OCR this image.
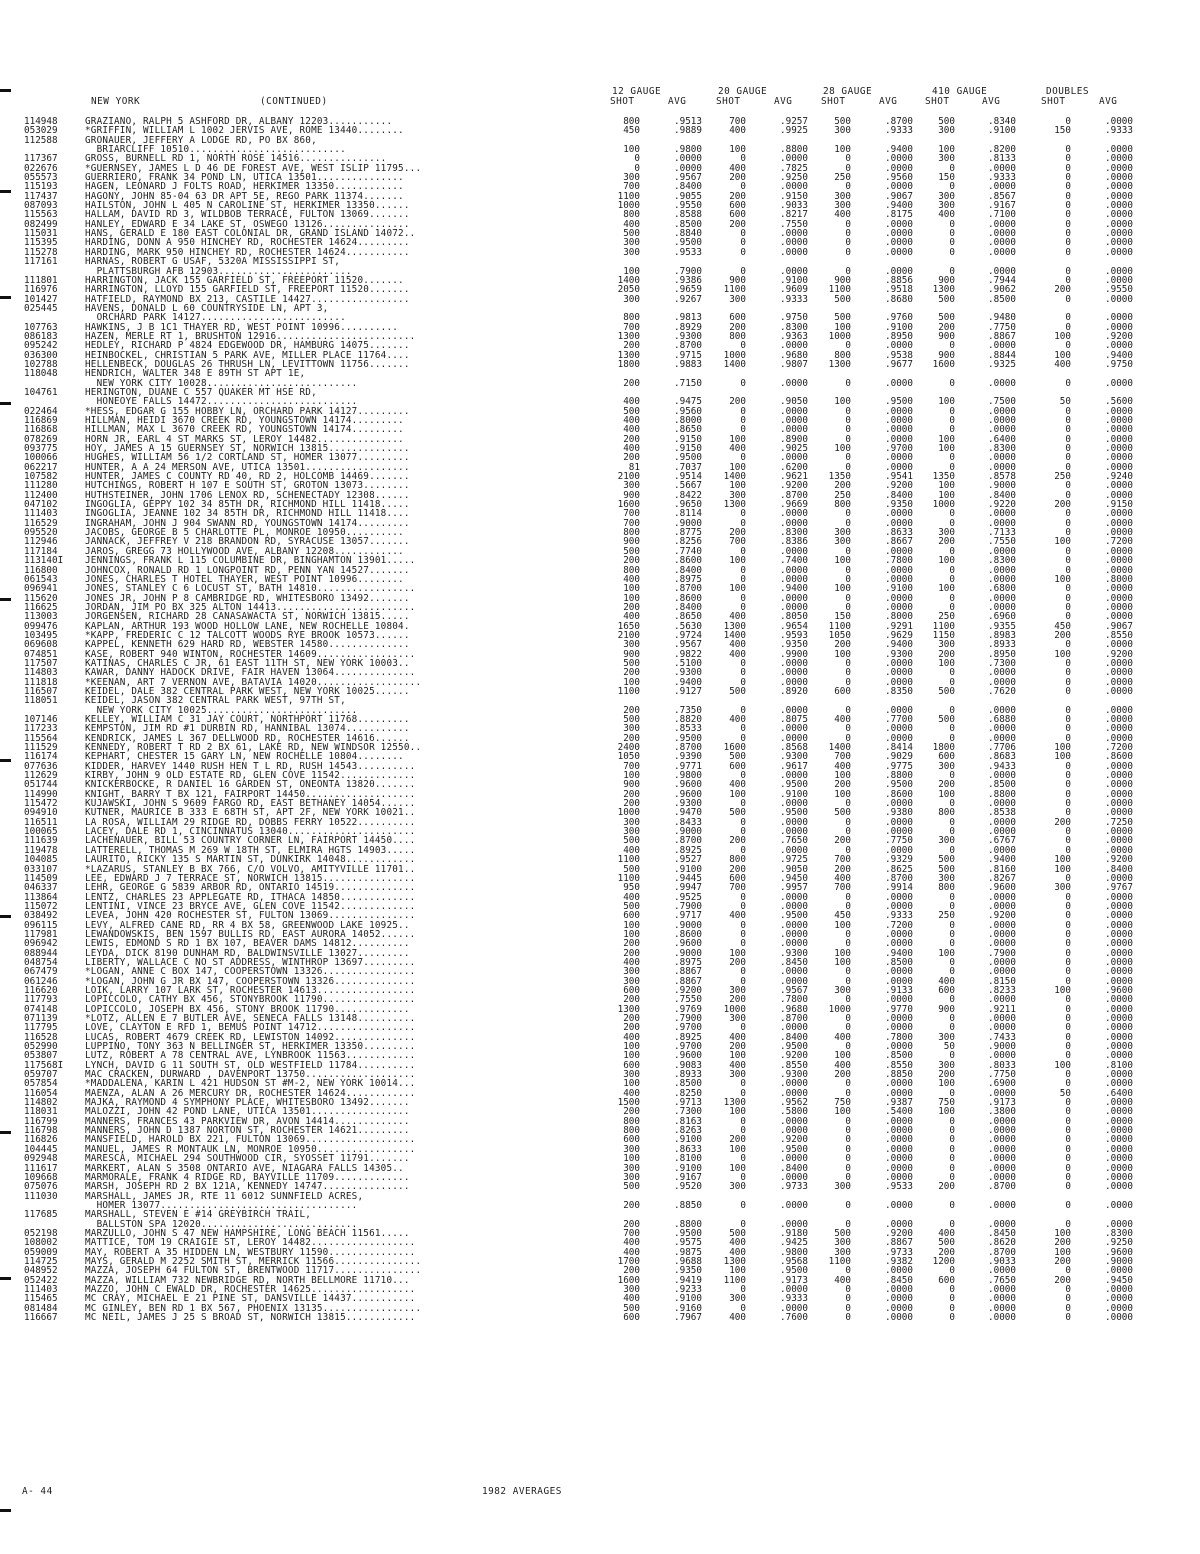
NEW YORK	(CONTINUED)
12 GAUGE	20 GAUGE	28 GAUGE	410 GAUGE	DOUBLES
SHOT	AVG	SHOT	AVG	SHOT	AVG	SHOT	AVG	SHOT	AVG
114948	GRAZIANO, RALPH 5 ASHFORD DR, ALBANY 12203...........	800	.9513	700	.9257	500	.8700	500	.8340	0	.0000
053029	*GRIFFIN, WILLIAM L 1002 JERVIS AVE, ROME 13440........	450	.9889	400	.9925	300	.9333	300	.9100	150	.9333
112588	GRONAUER, JEFFERY A LODGE RD, PO BX 860,
BRIARCLIFF 10510...........................	100	.9800	100	.8800	100	.9400	100	.8200	0	.0000
117367	GROSS, BURNELL RD 1, NORTH ROSE 14516...............	0	.0000	0	.0000	0	.0000	300	.8133	0	.0000
022676	*GUERNSEY, JAMES L D 46 DE FOREST AVE, WEST ISLIP 11795...	0	.0000	400	.7825	0	.0000	0	.0000	0	.0000
055573	GUERRIERO, FRANK 34 POND LN, UTICA 13501...............	300	.9567	200	.9250	250	.9560	150	.9333	0	.0000
115193	HAGEN, LEONARD J FOLTS ROAD, HERKIMER 13350............	700	.8400	0	.0000	0	.0000	0	.0000	0	.0000
117437	HAGONY, JOHN 85-04 63 DR APT 5E, REGO PARK 11374.......	1100	.9055	200	.9150	300	.9067	300	.8567	0	.0000
087093	HAILSTON, JOHN L 405 N CAROLINE ST, HERKIMER 13350......	1000	.9550	600	.9033	300	.9400	300	.9167	0	.0000
115563	HALLAM, DAVID RD 3, WILDBOB TERRACE, FULTON 13069.......	800	.8588	600	.8217	400	.8175	400	.7100	0	.0000
082499	HANLEY, EDWARD E 34 LAKE ST, OSWEGO 13126...............	400	.8500	200	.7550	0	.0000	0	.0000	0	.0000
115031	HANS, GERALD E 180 EAST COLONIAL DR, GRAND ISLAND 14072..	500	.8840	0	.0000	0	.0000	0	.0000	0	.0000
115395	HARDING, DONN A 950 HINCHEY RD, ROCHESTER 14624.........	300	.9500	0	.0000	0	.0000	0	.0000	0	.0000
115278	HARDING, MARK 950 HINCHEY RD, ROCHESTER 14624...........	300	.9533	0	.0000	0	.0000	0	.0000	0	.0000
117161	HARNAS, ROBERT G USAF, 5320A MISSISSIPPI ST,
PLATTSBURGH AFB 12903.......................	100	.7900	0	.0000	0	.0000	0	.0000	0	.0000
111801	HARRINGTON, JACK 155 GARFIELD ST, FREEPORT 11520.......	1400	.9386	900	.9100	900	.8856	900	.7944	0	.0000
116976	HARRINGTON, LLOYD 155 GARFIELD ST, FREEPORT 11520.......	2050	.9659	1100	.9609	1100	.9518	1300	.9062	200	.9550
101427	HATFIELD, RAYMOND BX 213, CASTILE 14427.................	300	.9267	300	.9333	500	.8680	500	.8500	0	.0000
025445	HAVENS, DONALD L 60 COUNTRYSIDE LN, APT 3,
ORCHARD PARK 14127.........................	800	.9813	600	.9750	500	.9760	500	.9480	0	.0000
107763	HAWKINS, J B 1C1 THAYER RD, WEST POINT 10996..........	700	.8929	200	.8300	100	.9100	200	.7750	0	.0000
086183	HAZEN, MERLE RT 1, BRUSHTON 12916........................	1300	.9300	800	.9363	1000	.8950	900	.8867	100	.9200
095242	HEDLEY, RICHARD P 4824 EDGEWOOD DR, HAMBURG 14075.......	200	.8700	0	.0000	0	.0000	0	.0000	0	.0000
036300	HEINBOCKEL, CHRISTIAN 5 PARK AVE, MILLER PLACE 11764....	1300	.9715	1000	.9680	800	.9538	900	.8844	100	.9400
102788	HELLENBECK, DOUGLAS 26 THRUSH LN, LEVITTOWN 11756.......	1800	.9883	1400	.9807	1300	.9677	1600	.9325	400	.9750
118048	HENDRICH, WALTER 348 E 89TH ST APT 1E,
NEW YORK CITY 10028..........................	200	.7150	0	.0000	0	.0000	0	.0000	0	.0000
104761	HERINGTON, DUANE C 557 QUAKER MT HSE RD,
HONEOYE FALLS 14472..........................	400	.9475	200	.9050	100	.9500	100	.7500	50	.5600
022464	*HESS, EDGAR G 155 HOBBY LN, ORCHARD PARK 14127.........	500	.9560	0	.0000	0	.0000	0	.0000	0	.0000
116869	HILLMAN, HEIDI 3670 CREEK RD, YOUNGSTOWN 14174.........	400	.8000	0	.0000	0	.0000	0	.0000	0	.0000
116868	HILLMAN, MAX L 3670 CREEK RD, YOUNGSTOWN 14174.........	400	.8650	0	.0000	0	.0000	0	.0000	0	.0000
078269	HORN JR, EARL 4 ST MARKS ST, LEROY 14482...............	200	.9150	100	.8900	0	.0000	100	.6400	0	.0000
093775	HOY, JAMES A 15 GUERNSEY ST, NORWICH 13815..............	400	.9150	400	.9025	100	.9700	100	.8300	0	.0000
100066	HUGHES, WILLIAM 56 1/2 CORTLAND ST, HOMER 13077.........	200	.9500	0	.0000	0	.0000	0	.0000	0	.0000
062217	HUNTER, A A 24 MERSON AVE, UTICA 13501..................	81	.7037	100	.6200	0	.0000	0	.0000	0	.0000
107582	HUNTER, JAMES C COUNTY RD 40, RD 2, HOLCOMB 14469.......	2100	.9514	1400	.9621	1350	.9541	1350	.8578	250	.9240
111280	HUTCHINGS, ROBERT H 107 E SOUTH ST, GROTON 13073........	300	.5667	100	.9200	200	.9200	100	.9000	0	.0000
112400	HUTHSTEINER, JOHN 1706 LENOX RD, SCHENECTADY 12308......	900	.8422	300	.8700	250	.8400	100	.8400	0	.0000
047102	INGOGLIA, GEPPY 102 34 85TH DR, RICHMOND HILL 11418.....	1600	.9650	1300	.9669	800	.9350	1000	.9220	200	.9150
111403	INGOGLIA, JEANNE 102 34 85TH DR, RICHMOND HILL 11418....	700	.8114	0	.0000	0	.0000	0	.0000	0	.0000
116529	INGRAHAM, JOHN J 904 SWANN RD, YOUNGSTOWN 14174.........	700	.9000	0	.0000	0	.0000	0	.0000	0	.0000
095520	JACOBS, GEORGE B 5 CHARLOTTE PL, MONROE 10950..........	800	.8775	200	.8300	300	.8633	300	.7133	0	.0000
112946	JANNACK, JEFFREY V 218 BRANDON RD, SYRACUSE 13057.......	900	.8256	700	.8386	300	.8667	200	.7550	100	.7200
117184	JAROS, GREGG 73 HOLLYWOOD AVE, ALBANY 12208............	500	.7740	0	.0000	0	.0000	0	.0000	0	.0000
113140I	JENNINGS, FRANK L 115 COLUMBINE DR, BINGHAMTON 13901.....	200	.8600	100	.7400	100	.7800	100	.8300	0	.0000
116800	JOHNCOX, RONALD RD 1 LONGPOINT RD, PENN YAN 14527.......	800	.8400	0	.0000	0	.0000	0	.0000	0	.0000
061543	JONES, CHARLES T HOTEL THAYER, WEST POINT 10996........	400	.8975	0	.0000	0	.0000	0	.0000	100	.8000
096941	JONES, STANLEY C 6 LOCUST ST, BATH 14810.................	100	.8700	100	.9400	100	.9100	100	.6800	0	.0000
115620	JONES JR, JOHN P 8 CAMBRIDGE RD, WHITESBORO 13492.......	100	.8600	0	.0000	0	.0000	0	.0000	0	.0000
116625	JORDAN, JIM PO BX 325 ALTON 14413........................	200	.8400	0	.0000	0	.0000	0	.0000	0	.0000
113003	JORGENSEN, RICHARD 28 CANASAWACTA ST, NORWICH 13815.....	400	.8650	400	.8050	150	.8000	250	.6960	0	.0000
099476	KAPLAN, ARTHUR 193 WOOD HOLLOW LANE, NEW ROCHELLE 10804.	1650	.5630	1300	.9654	1100	.9291	1100	.9355	450	.9067
103495	*KAPP, FREDERIC C 12 TALCOTT WOODS RYE BROOK 10573......	2100	.9724	1400	.9593	1050	.9629	1150	.8983	200	.8550
069608	KAPPEL, KENNETH 629 HARD RD, WEBSTER 14580..............	300	.9567	400	.9350	200	.9400	300	.8933	0	.0000
074851	KASE, ROBERT 940 WINTON, ROCHESTER 14609.................	900	.9822	400	.9900	100	.9300	200	.8950	100	.9200
117507	KATINAS, CHARLES C JR, 61 EAST 11TH ST, NEW YORK 10003..	500	.5100	0	.0000	0	.0000	100	.7300	0	.0000
114803	KAWAR, DANNY HADOCK DRIVE, FAIR HAVEN 13064..............	200	.9300	0	.0000	0	.0000	0	.0000	0	.0000
111818	*KEENAN, ART 7 VERNON AVE, BATAVIA 14020..................	100	.9400	0	.0000	0	.0000	0	.0000	0	.0000
116507	KEIDEL, DALE 382 CENTRAL PARK WEST, NEW YORK 10025......	1100	.9127	500	.8920	600	.8350	500	.7620	0	.0000
118051	KEIDEL, JASON 382 CENTRAL PARK WEST, 97TH ST,
NEW YORK CITY 10025..........................	200	.7350	0	.0000	0	.0000	0	.0000	0	.0000
107146	KELLEY, WILLIAM C 31 JAY COURT, NORTHPORT 11768.........	500	.8820	400	.8075	400	.7700	500	.6880	0	.0000
117233	KEMPSTON, JIM RD #1 DURBIN RD, HANNIBAL 13074...........	300	.8533	0	.0000	0	.0000	0	.0000	0	.0000
115564	KENDRICK, JAMES L 367 DELLWOOD RD, ROCHESTER 14616......	200	.9500	0	.0000	0	.0000	0	.0000	0	.0000
111529	KENNEDY, ROBERT T RD 2 BX 61, LAKE RD, NEW WINDSOR 12550..	2400	.8700	1600	.8568	1400	.8414	1800	.7706	100	.7200
116174	KEPHART, CHESTER 15 GARY LN, NEW ROCHELLE 10804........	1050	.9390	500	.9300	700	.9029	600	.8683	100	.8600
077636	KIDDER, HARVEY 1440 RUSH HEN T L RD, RUSH 14543..........	700	.9771	600	.9617	400	.9775	300	.9433	0	.0000
112629	KIRBY, JOHN 9 OLD ESTATE RD, GLEN COVE 11542.............	100	.9800	0	.0000	100	.8800	0	.0000	0	.0000
051744	KNICKERBOCKE, R DANIEL 16 GARDEN ST, ONEONTA 13820.......	900	.9600	400	.9500	200	.9500	200	.8500	0	.0000
114990	KNIGHT, BARRY T BX 121, FAIRPORT 14450...................	200	.9600	100	.9100	100	.8600	100	.8800	0	.0000
115472	KUJAWSKI, JOHN S 9609 FARGO RD, EAST BETHANEY 14054......	200	.9300	0	.0000	0	.0000	0	.0000	0	.0000
094910	KUTNER, MAURICE B 333 E 68TH ST, APT 2F, NEW YORK 10021..	1000	.9470	500	.9500	500	.9380	800	.8538	0	.0000
116511	LA ROSA, WILLIAM 29 RIDGE RD, DOBBS FERRY 10522..........	300	.8433	0	.0000	0	.0000	0	.0000	200	.7250
100065	LACEY, DALE RD 1, CINCINNATUS 13040......................	300	.9000	0	.0000	0	.0000	0	.0000	0	.0000
111639	LACHENAUER, BILL 53 COUNTRY CORNER LN, FAIRPORT 14450....	500	.8700	200	.7650	200	.7750	300	.6767	0	.0000
119478	LATTERELL, THOMAS M 269 W 18TH ST, ELMIRA HGTS 14903.....	400	.8925	0	.0000	0	.0000	0	.0000	0	.0000
104085	LAURITO, RICKY 135 S MARTIN ST, DUNKIRK 14048............	1100	.9527	800	.9725	700	.9329	500	.9400	100	.9200
033107	*LAZARUS, STANLEY B BX 766, C/O VOLVO, AMITYVILLE 11701..	500	.9100	200	.9050	200	.8625	500	.8160	100	.8400
114509	LEE, EDWARD J 7 TERRACE ST, NORWICH 13815................	1100	.9445	600	.9450	400	.8700	300	.8267	0	.0000
046337	LEHR, GEORGE G 5839 ARBOR RD, ONTARIO 14519..............	950	.9947	700	.9957	700	.9914	800	.9600	300	.9767
113864	LENTZ, CHARLES 23 APPLEGATE RD, ITHACA 14850.............	400	.9525	0	.0000	0	.0000	0	.0000	0	.0000
115072	LENTINI, VINCE 23 BRYCE AVE, GLEN COVE 11542.............	500	.7900	0	.0000	0	.0000	0	.0000	0	.0000
038492	LEVEA, JOHN 420 ROCHESTER ST, FULTON 13069...............	600	.9717	400	.9500	450	.9333	250	.9200	0	.0000
096115	LEVY, ALFRED CANE RD, RR 4 BX 58, GREENWOOD LAKE 10925..	100	.9000	0	.0000	100	.7200	0	.0000	0	.0000
117981	LEWANDOWSKIS, BEN 1597 BULLIS RD, EAST AURORA 14052......	100	.8600	0	.0000	0	.0000	0	.0000	0	.0000
096942	LEWIS, EDMOND S RD 1 BX 107, BEAVER DAMS 14812..........	200	.9600	0	.0000	0	.0000	0	.0000	0	.0000
088944	LEYDA, DICK 8190 DUNHAM RD, BALDWINSVILLE 13027.........	200	.9000	100	.9300	100	.9400	100	.7900	0	.0000
048754	LIBERTY, WALLACE C NO ST ADDRESS, WINTHROP 13697.........	400	.8975	200	.8450	100	.8500	0	.0000	0	.0000
067479	*LOGAN, ANNE C BOX 147, COOPERSTOWN 13326................	300	.8867	0	.0000	0	.0000	0	.0000	0	.0000
061246	*LOGAN, JOHN G JR BX 147, COOPERSTOWN 13326..............	300	.8867	0	.0000	0	.0000	400	.8150	0	.0000
116620	LOIK, LARRY 107 LARK ST, ROCHESTER 14613.................	600	.9200	300	.9567	300	.9133	600	.8233	100	.9600
117793	LOPICCOLO, CATHY BX 456, STONYBROOK 11790................	200	.7550	200	.7800	0	.0000	0	.0000	0	.0000
074148	LOPICCOLO, JOSEPH BX 456, STONY BROOK 11790.............	1300	.9769	1000	.9680	1000	.9770	900	.9211	0	.0000
071139	*LOTZ, ALLEN E 7 BUTLER AVE, SENECA FALLS 13148..........	200	.7900	300	.8700	0	.0000	0	.0000	0	.0000
117795	LOVE, CLAYTON E RFD 1, BEMUS POINT 14712.................	200	.9700	0	.0000	0	.0000	0	.0000	0	.0000
116528	LUCAS, ROBERT 4679 CREEK RD, LEWISTON 14092..............	400	.8925	400	.8400	400	.7800	300	.7433	0	.0000
052990	LUPPINO, TONY 363 N BELLINGER ST, HERKIMER 13350.........	100	.9700	200	.9500	0	.0000	50	.9000	0	.0000
053807	LUTZ, ROBERT A 78 CENTRAL AVE, LYNBROOK 11563............	100	.9600	100	.9200	100	.8500	0	.0000	0	.0000
117568I	LYNCH, DAVID G 11 SOUTH ST, OLD WESTFIELD 11784..........	600	.9083	400	.8550	400	.8550	300	.8033	100	.8100
059707	MAC CRACKEN, DURWARD , DAVENPORT 13750...................	300	.8933	300	.9300	200	.8850	200	.7750	0	.0000
057854	*MADDALENA, KARIN L 421 HUDSON ST #M-2, NEW YORK 10014...	100	.8500	0	.0000	0	.0000	100	.6900	0	.0000
116054	MAENZA, ALAN A 26 MERCURY DR, ROCHESTER 14624............	400	.8250	0	.0000	0	.0000	0	.0000	50	.6400
114802	MAJKA, RAYMOND 4 SYMPHONY PLACE, WHITESBORO 13492.......	1500	.9713	1300	.9562	750	.9387	750	.9173	0	.0000
118031	MALOZZI, JOHN 42 POND LANE, UTICA 13501.................	200	.7300	100	.5800	100	.5400	100	.3800	0	.0000
116799	MANNERS, FRANCES 43 PARKVIEW DR, AVON 14414.............	800	.8163	0	.0000	0	.0000	0	.0000	0	.0000
116798	MANNERS, JOHN D 1387 NORTON ST, ROCHESTER 14621.........	800	.8263	0	.0000	0	.0000	0	.0000	0	.0000
116826	MANSFIELD, HAROLD BX 221, FULTON 13069...................	600	.9100	200	.9200	0	.0000	0	.0000	0	.0000
104445	MANUEL, JAMES R MONTAUK LN, MONROE 10950.................	300	.8633	100	.9500	0	.0000	0	.0000	0	.0000
092948	MARESCA, MICHAEL 294 SOUTHWOOD CIR, SYOSSET 11791.......	100	.8100	0	.0000	0	.0000	0	.0000	0	.0000
111617	MARKERT, ALAN S 3508 ONTARIO AVE, NIAGARA FALLS 14305..	300	.9100	100	.8400	0	.0000	0	.0000	0	.0000
109668	MARMORALE, FRANK 4 RIDGE RD, BAYVILLE 11709.............	300	.9167	0	.0000	0	.0000	0	.0000	0	.0000
075076	MARSH, JOSEPH RD 2 BX 121A, KENNEDY 14747...............	500	.9520	300	.9733	300	.9533	200	.8700	0	.0000
111030	MARSHALL, JAMES JR, RTE 11 6012 SUNNFIELD ACRES,
HOMER 13077..................................	200	.8850	0	.0000	0	.0000	0	.0000	0	.0000
117685	MARSHALL, STEVEN E #14 GREYBIRCH TRAIL,
BALLSTON SPA 12020...........................	200	.8800	0	.0000	0	.0000	0	.0000	0	.0000
052198	MARZULLO, JOHN S 47 NEW HAMPSHIRE, LONG BEACH 11561.....	700	.9500	500	.9180	500	.9200	400	.8450	100	.8300
108002	MATTICE, TOM 19 CRAIGIE ST, LEROY 14482..................	400	.9575	400	.9425	300	.8867	500	.8620	200	.9250
059009	MAY, ROBERT A 35 HIDDEN LN, WESTBURY 11590...............	400	.9875	400	.9800	300	.9733	200	.8700	100	.9600
114725	MAYS, GERALD M 2252 SMITH ST, MERRICK 11566...............	1700	.9688	1300	.9568	1100	.9382	1200	.9033	200	.9000
048952	MAZZA, JOSEPH 64 FULTON ST, BRENTWOOD 11717...............	200	.9350	100	.9500	0	.0000	0	.0000	0	.0000
052422	MAZZA, WILLIAM 732 NEWBRIDGE RD, NORTH BELLMORE 11710...	1600	.9419	1100	.9173	400	.8450	600	.7650	200	.9450
111403	MAZZO, JOHN C EWALD DR, ROCHESTER 14625..................	300	.9233	0	.0000	0	.0000	0	.0000	0	.0000
115465	MC CRAY, MICHAEL E 21 PINE ST, DANSVILLE 14437...........	400	.9100	300	.9333	0	.0000	0	.0000	0	.0000
081484	MC GINLEY, BEN RD 1 BX 567, PHOENIX 13135.................	500	.9160	0	.0000	0	.0000	0	.0000	0	.0000
116667	MC NEIL, JAMES J 25 S BROAD ST, NORWICH 13815............	600	.7967	400	.7600	0	.0000	0	.0000	0	.0000
A- 44	1982 AVERAGES
